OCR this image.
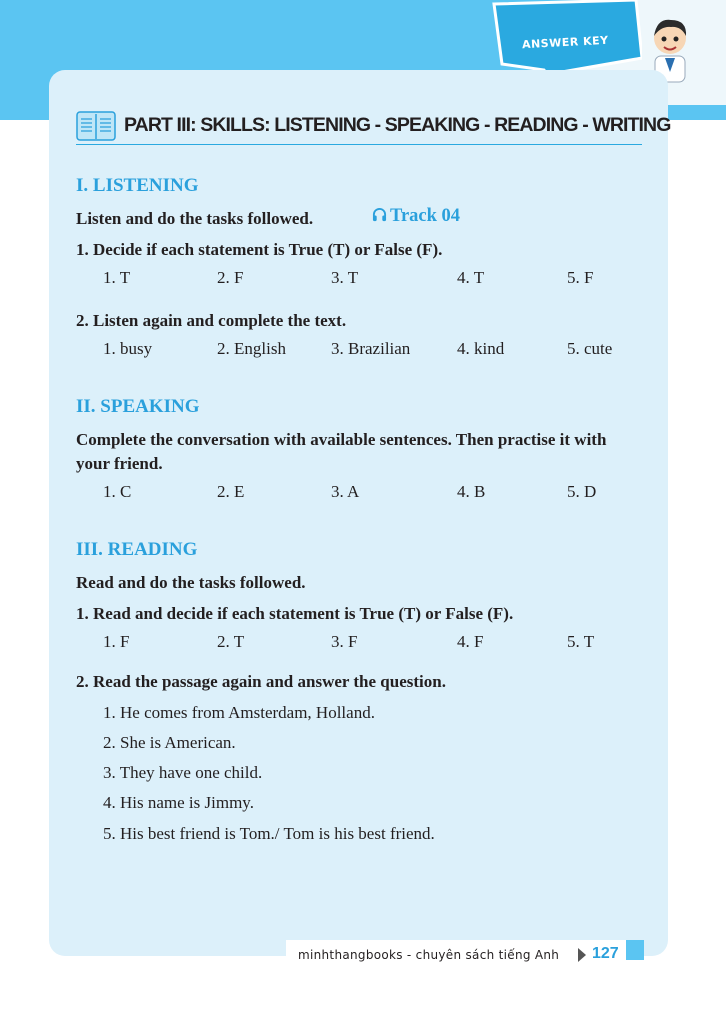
ANSWER KEY
PART III: SKILLS: LISTENING - SPEAKING - READING - WRITING
I. LISTENING
Listen and do the tasks followed.	Track 04
1. Decide if each statement is True (T) or False (F).
1. T	2. F	3. T	4. T	5. F
2. Listen again and complete the text.
1. busy	2. English	3. Brazilian	4. kind	5. cute
II. SPEAKING
Complete the conversation with available sentences. Then practise it with
your friend.
1. C	2. E	3. A	4. B	5. D
III. READING
Read and do the tasks followed.
1. Read and decide if each statement is True (T) or False (F).
1. F	2. T	3. F	4. F	5. T
2. Read the passage again and answer the question.
1. He comes from Amsterdam, Holland.
2. She is American.
3. They have one child.
4. His name is Jimmy.
5. His best friend is Tom./ Tom is his best friend.
minhthangbooks - chuyên sách tiếng Anh 127
